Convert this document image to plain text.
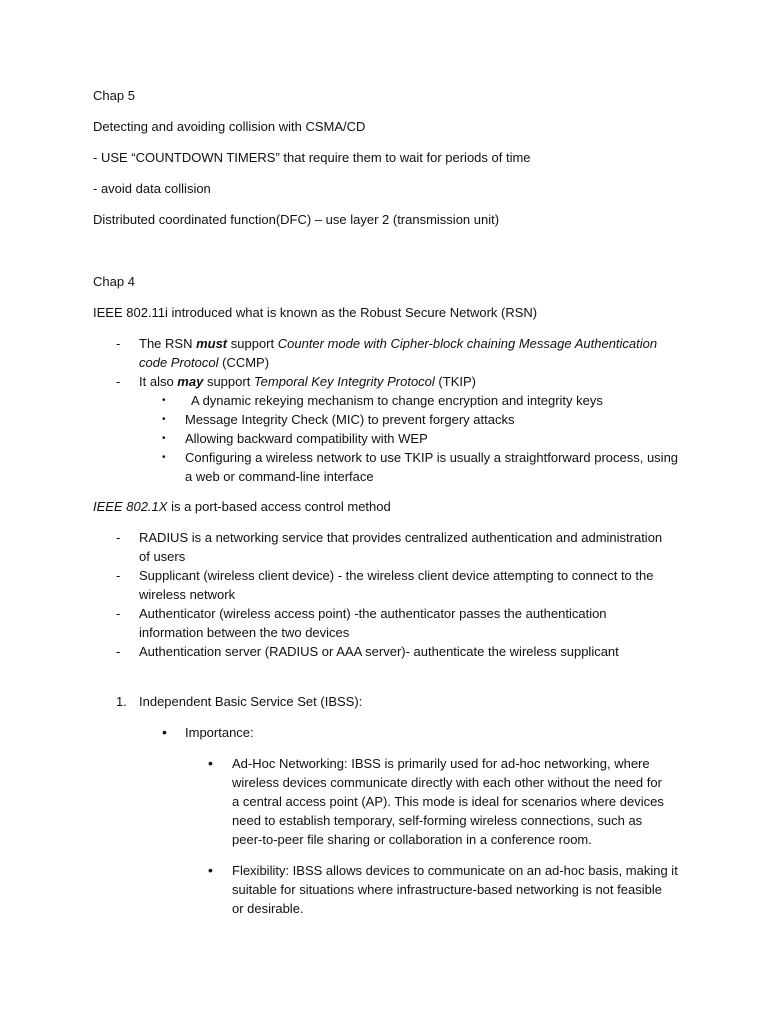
Chap 5
Detecting and avoiding collision with CSMA/CD
- USE “COUNTDOWN TIMERS” that require them to wait for periods of time
- avoid data collision
Distributed coordinated function(DFC) – use layer 2 (transmission unit)
Chap 4
IEEE 802.11i introduced what is known as the Robust Secure Network (RSN)
- The RSN must support Counter mode with Cipher-block chaining Message Authentication
code Protocol (CCMP)
- It also may support Temporal Key Integrity Protocol (TKIP)
• A dynamic rekeying mechanism to change encryption and integrity keys
• Message Integrity Check (MIC) to prevent forgery attacks
• Allowing backward compatibility with WEP
• Configuring a wireless network to use TKIP is usually a straightforward process, using
a web or command-line interface
IEEE 802.1X is a port-based access control method
- RADIUS is a networking service that provides centralized authentication and administration
of users
- Supplicant (wireless client device) - the wireless client device attempting to connect to the
wireless network
- Authenticator (wireless access point) -the authenticator passes the authentication
information between the two devices
- Authentication server (RADIUS or AAA server)- authenticate the wireless supplicant
1. Independent Basic Service Set (IBSS):
• Importance:
• Ad-Hoc Networking: IBSS is primarily used for ad-hoc networking, where
wireless devices communicate directly with each other without the need for
a central access point (AP). This mode is ideal for scenarios where devices
need to establish temporary, self-forming wireless connections, such as
peer-to-peer file sharing or collaboration in a conference room.
• Flexibility: IBSS allows devices to communicate on an ad-hoc basis, making it
suitable for situations where infrastructure-based networking is not feasible
or desirable.
